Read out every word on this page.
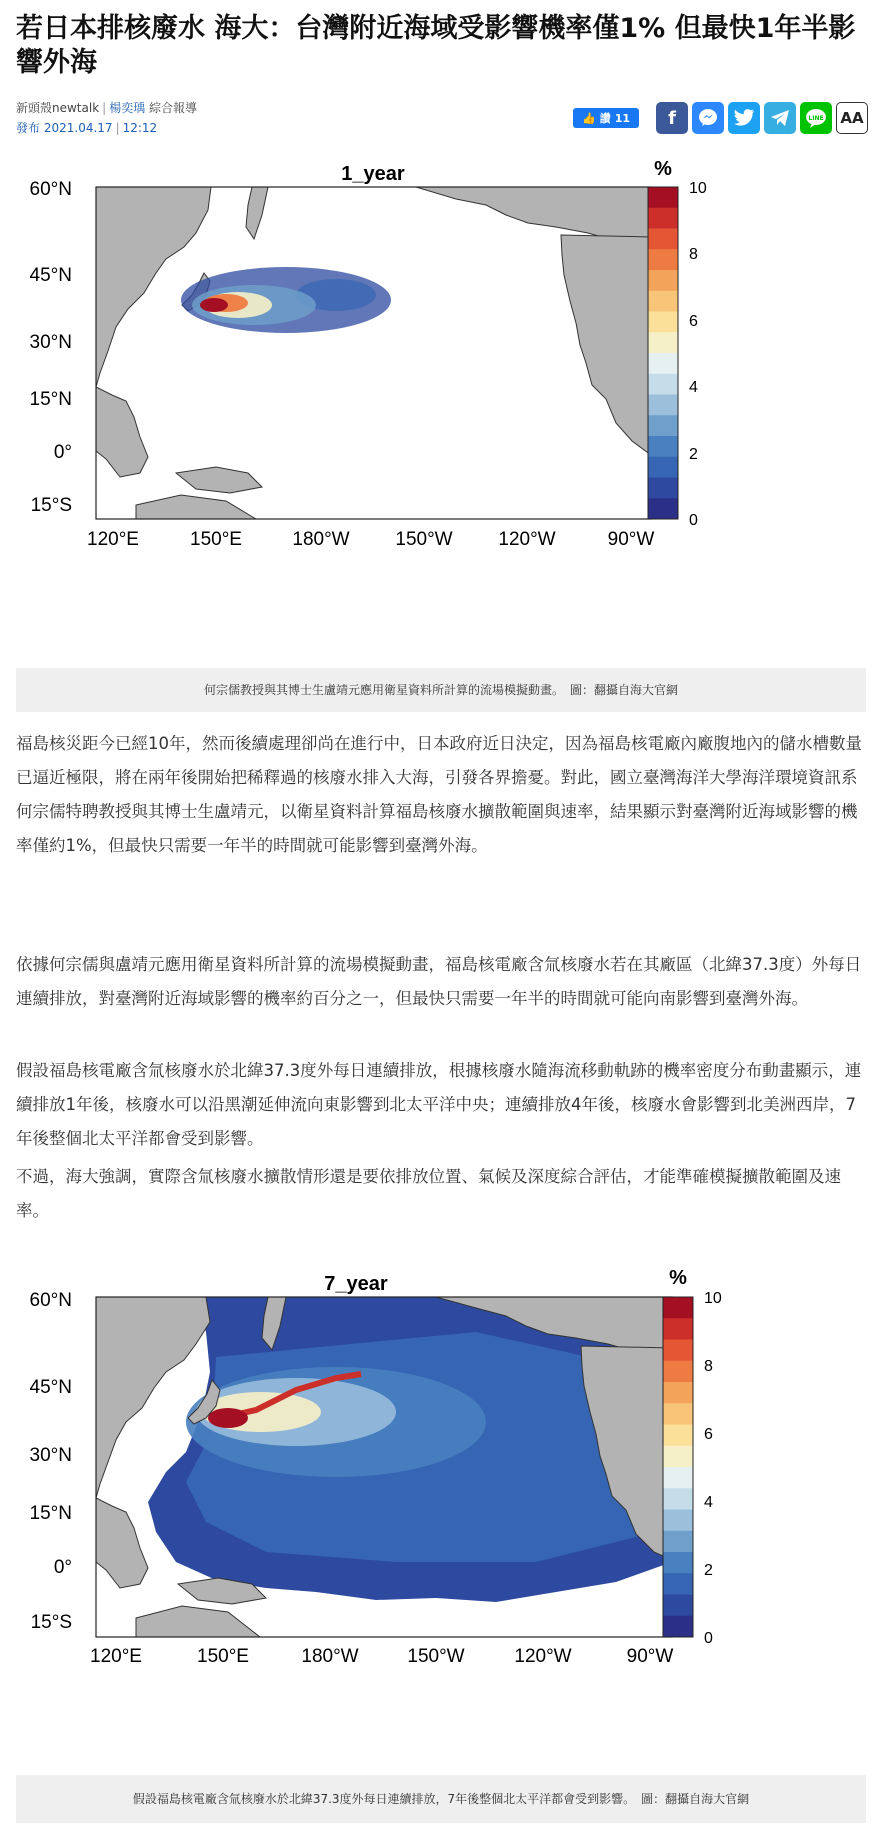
若日本排核廢水 海大：台灣附近海域受影響機率僅1% 但最快1年半影響外海
新頭殼newtalk | 楊奕瑀 綜合報導
發布 2021.04.17 | 12:12
👍 讚 11 f	LINE AA
1_year
60°N
45°N
30°N
15°N
0°
15°S
120°E	150°E	180°W 150°W 120°W	90°W
%
10
8
6
4
2
0
何宗儒教授與其博士生盧靖元應用衛星資料所計算的流場模擬動畫。　圖：翻攝自海大官網

福島核災距今已經10年，然而後續處理卻尚在進行中，日本政府近日決定，因為福島核電廠內廠腹地內的儲水槽數量已逼近極限，將在兩年後開始把稀釋過的核廢水排入大海，引發各界擔憂。對此，國立臺灣海洋大學海洋環境資訊系何宗儒特聘教授與其博士生盧靖元，以衛星資料計算福島核廢水擴散範圍與速率，結果顯示對臺灣附近海域影響的機率僅約1%，但最快只需要一年半的時間就可能影響到臺灣外海。

依據何宗儒與盧靖元應用衛星資料所計算的流場模擬動畫，福島核電廠含氚核廢水若在其廠區（北緯37.3度）外每日連續排放，對臺灣附近海域影響的機率約百分之一，但最快只需要一年半的時間就可能向南影響到臺灣外海。

假設福島核電廠含氚核廢水於北緯37.3度外每日連續排放，根據核廢水隨海流移動軌跡的機率密度分布動畫顯示，連續排放1年後，核廢水可以沿黑潮延伸流向東影響到北太平洋中央；連續排放4年後，核廢水會影響到北美洲西岸，7年後整個北太平洋都會受到影響。

不過，海大強調，實際含氚核廢水擴散情形還是要依排放位置、氣候及深度綜合評估，才能準確模擬擴散範圍及速率。

7_year
60°N
45°N
30°N
15°N
0°
15°S
120°E	150°E	180°W	150°W	120°W	90°W
%
10
8
6
4
2
0
假設福島核電廠含氚核廢水於北緯37.3度外每日連續排放，7年後整個北太平洋都會受到影響。　圖：翻攝自海大官網
